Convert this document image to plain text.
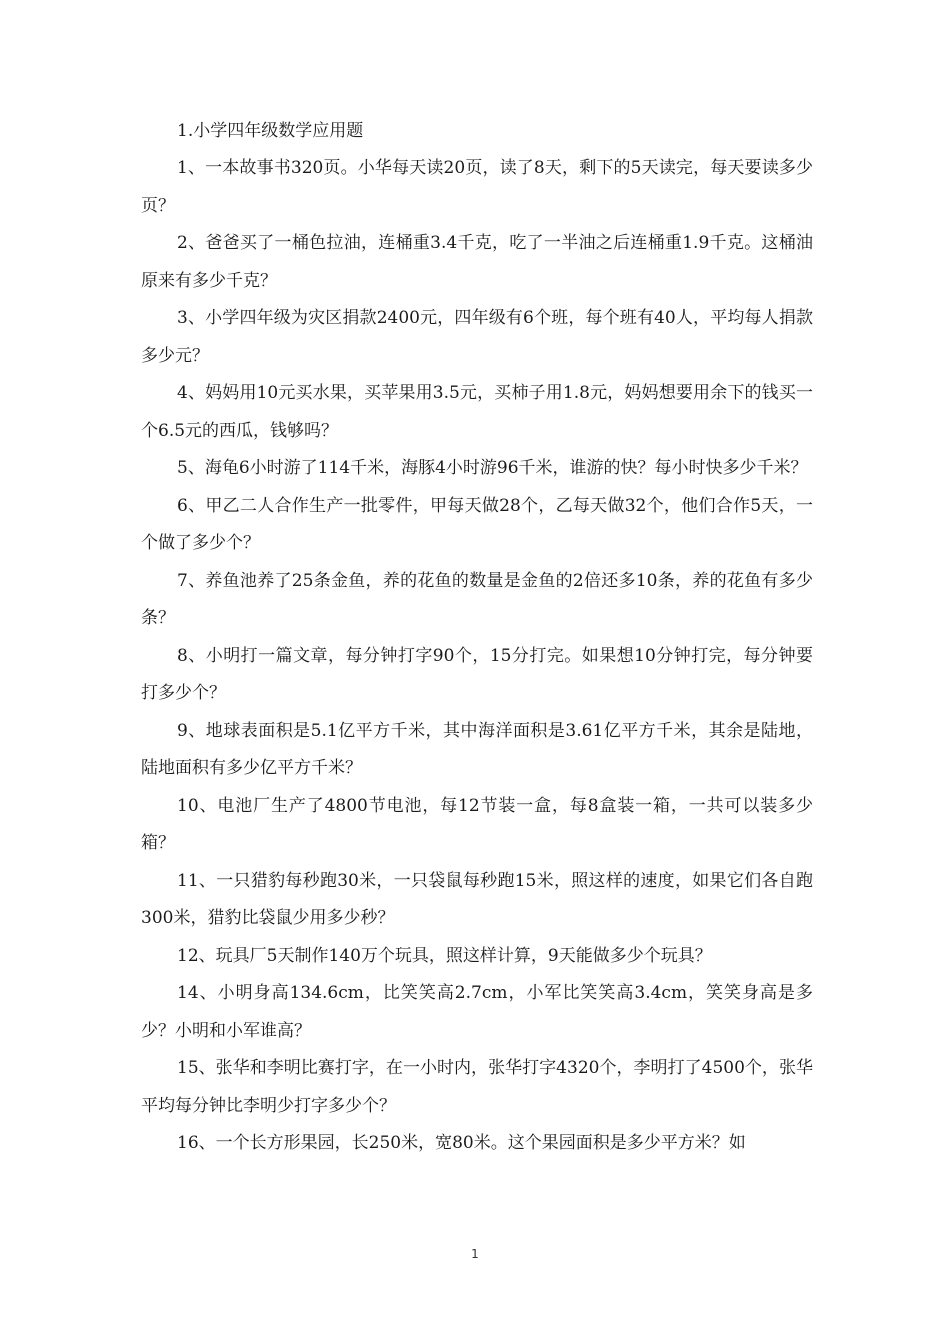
1.小学四年级数学应用题

1、一本故事书320页。小华每天读20页，读了8天，剩下的5天读完，每天要读多少页？

2、爸爸买了一桶色拉油，连桶重3.4千克，吃了一半油之后连桶重1.9千克。这桶油原来有多少千克？

3、小学四年级为灾区捐款2400元，四年级有6个班，每个班有40人，平均每人捐款多少元？

4、妈妈用10元买水果，买苹果用3.5元，买柿子用1.8元，妈妈想要用余下的钱买一个6.5元的西瓜，钱够吗？

5、海龟6小时游了114千米，海豚4小时游96千米，谁游的快？每小时快多少千米？

6、甲乙二人合作生产一批零件，甲每天做28个，乙每天做32个，他们合作5天，一个做了多少个？

7、养鱼池养了25条金鱼，养的花鱼的数量是金鱼的2倍还多10条，养的花鱼有多少条？

8、小明打一篇文章，每分钟打字90个，15分打完。如果想10分钟打完，每分钟要打多少个？

9、地球表面积是5.1亿平方千米，其中海洋面积是3.61亿平方千米，其余是陆地，陆地面积有多少亿平方千米？

10、电池厂生产了4800节电池，每12节装一盒，每8盒装一箱，一共可以装多少箱？

11、一只猎豹每秒跑30米，一只袋鼠每秒跑15米，照这样的速度，如果它们各自跑300米，猎豹比袋鼠少用多少秒？

12、玩具厂5天制作140万个玩具，照这样计算，9天能做多少个玩具？

14、小明身高134.6cm，比笑笑高2.7cm，小军比笑笑高3.4cm，笑笑身高是多少？小明和小军谁高？

15、张华和李明比赛打字，在一小时内，张华打字4320个，李明打了4500个，张华平均每分钟比李明少打字多少个？

16、一个长方形果园，长250米，宽80米。这个果园面积是多少平方米？如

1
